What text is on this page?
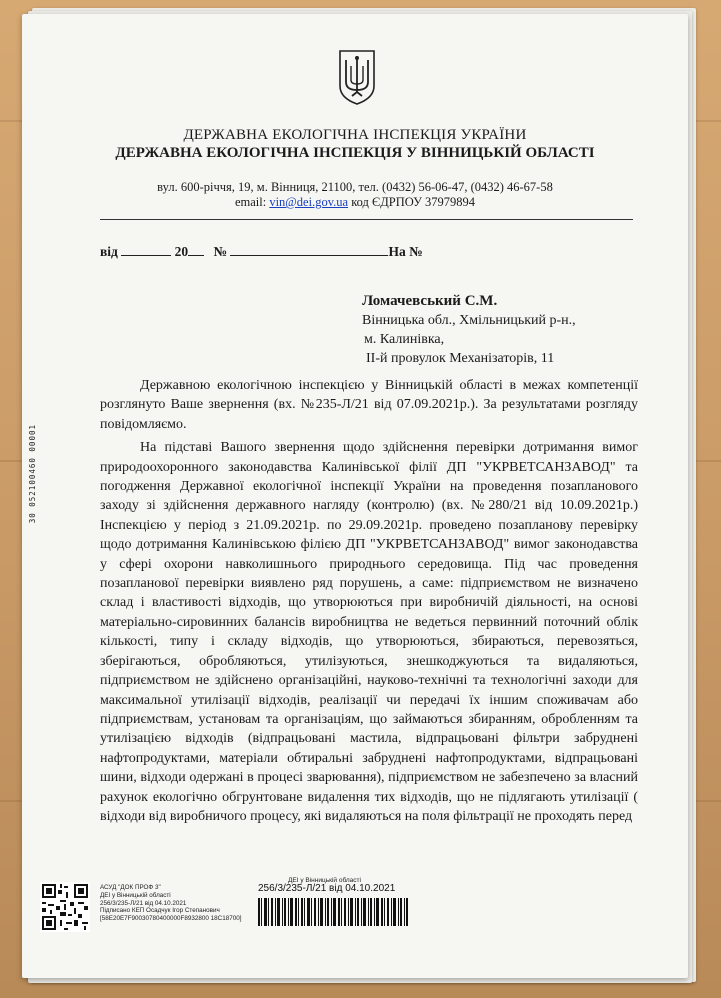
ДЕРЖАВНА ЕКОЛОГІЧНА ІНСПЕКЦІЯ УКРАЇНИ
ДЕРЖАВНА ЕКОЛОГІЧНА ІНСПЕКЦІЯ У ВІННИЦЬКІЙ ОБЛАСТІ
вул. 600-річчя, 19, м. Вінниця, 21100, тел. (0432) 56-06-47, (0432) 46-67-58
email: vin@dei.gov.ua код ЄДРПОУ 37979894
від	20 №	На №
Ломачевський С.М.
Вінницька обл., Хмільницький р-н.,
м. Калинівка,
ІІ-й провулок Механізаторів, 11

Державною екологічною інспекцією у Вінницькій області в межах компетенції розглянуто Ваше звернення (вх. №235-Л/21 від 07.09.2021р.). За результатами розгляду повідомляємо.

На підставі Вашого звернення щодо здійснення перевірки дотримання вимог природоохоронного законодавства Калинівської філії ДП "УКРВЕТСАНЗАВОД" та погодження Державної екологічної інспекції України на проведення позапланового заходу зі здійснення державного нагляду (контролю) (вх. №280/21 від 10.09.2021р.) Інспекцією у період з 21.09.2021р. по 29.09.2021р. проведено позапланову перевірку щодо дотримання Калинівською філією ДП "УКРВЕТСАНЗАВОД" вимог законодавства у сфері охорони навколишнього природнього середовища. Під час проведення позапланової перевірки виявлено ряд порушень, а саме: підприємством не визначено склад і властивості відходів, що утворюються при виробничій діяльності, на основі матеріально-сировинних балансів виробництва не ведеться первинний поточний облік кількості, типу і складу відходів, що утворюються, збираються, перевозяться, зберігаються, обробляються, утилізуються, знешкоджуються та видаляються, підприємством не здійснено організаційні, науково-технічні та технологічні заходи для максимальної утилізації відходів, реалізації чи передачі їх іншим споживачам або підприємствам, установам та організаціям, що займаються збиранням, обробленням та утилізацією відходів (відпрацьовані мастила, відпрацьовані фільтри забруднені нафтопродуктами, матеріали обтиральні забруднені нафтопродуктами, відпрацьовані шини, відходи одержані в процесі зварювання), підприємством не забезпечено за власний рахунок екологічно обгрунтоване видалення тих відходів, що не підлягають утилізації ( відходи від виробничого процесу, які видаляються на поля фільтрації не проходять перед

30 052100460 00001
АСУД "ДОК ПРОФ 3"
ДЕІ у Вінницькій області
256/3/235-Л/21 від 04.10.2021
Підписано КЕП Осадчук Ігор Степанович
[58E20E7F90030780400000F8932800 18C18700]
ДЕІ у Вінницькій області
256/3/235-Л/21 від 04.10.2021
